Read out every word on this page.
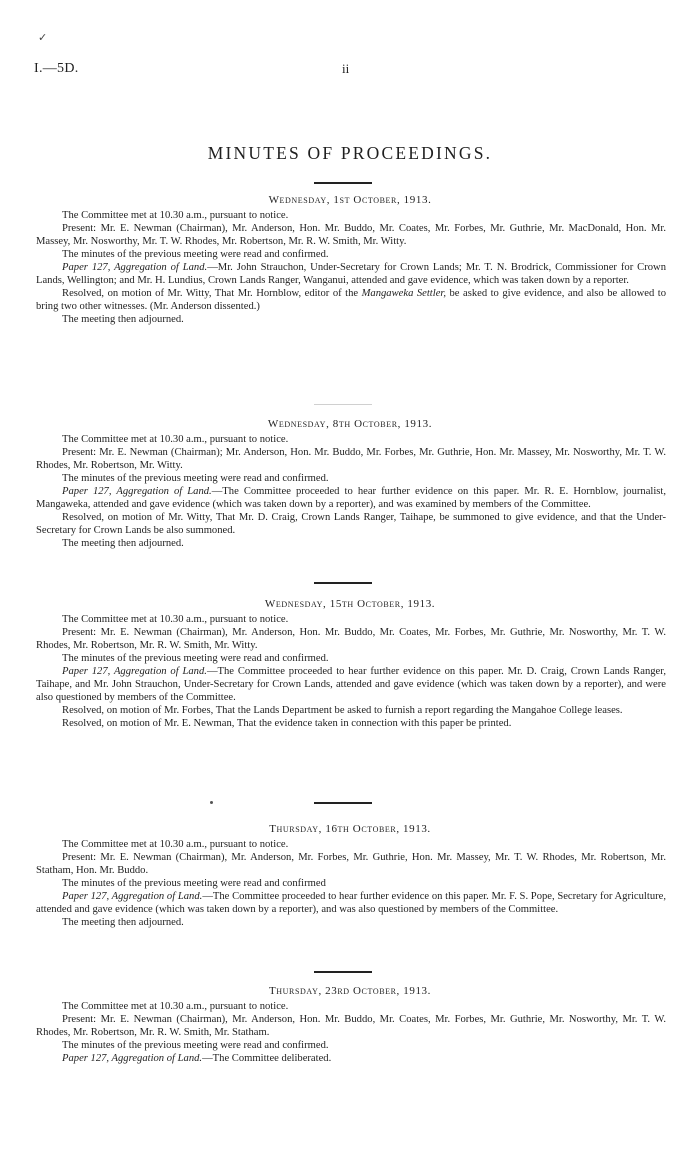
✓
I.—5D.	ii
MINUTES OF PROCEEDINGS.

Wednesday, 1st October, 1913.

The Committee met at 10.30 a.m., pursuant to notice.

Present: Mr. E. Newman (Chairman), Mr. Anderson, Hon. Mr. Buddo, Mr. Coates, Mr. Forbes, Mr. Guthrie, Mr. MacDonald, Hon. Mr. Massey, Mr. Nosworthy, Mr. T. W. Rhodes, Mr. Robertson, Mr. R. W. Smith, Mr. Witty.

The minutes of the previous meeting were read and confirmed.

Paper 127, Aggregation of Land.—Mr. John Strauchon, Under-Secretary for Crown Lands; Mr. T. N. Brodrick, Commissioner for Crown Lands, Wellington; and Mr. H. Lundius, Crown Lands Ranger, Wanganui, attended and gave evidence, which was taken down by a reporter.

Resolved, on motion of Mr. Witty, That Mr. Hornblow, editor of the Mangaweka Settler, be asked to give evidence, and also be allowed to bring two other witnesses. (Mr. Anderson dissented.)

The meeting then adjourned.

Wednesday, 8th October, 1913.

The Committee met at 10.30 a.m., pursuant to notice.

Present: Mr. E. Newman (Chairman); Mr. Anderson, Hon. Mr. Buddo, Mr. Forbes, Mr. Guthrie, Hon. Mr. Massey, Mr. Nosworthy, Mr. T. W. Rhodes, Mr. Robertson, Mr. Witty.

The minutes of the previous meeting were read and confirmed.

Paper 127, Aggregation of Land.—The Committee proceeded to hear further evidence on this paper. Mr. R. E. Hornblow, journalist, Mangaweka, attended and gave evidence (which was taken down by a reporter), and was examined by members of the Committee.

Resolved, on motion of Mr. Witty, That Mr. D. Craig, Crown Lands Ranger, Taihape, be summoned to give evidence, and that the Under-Secretary for Crown Lands be also summoned.

The meeting then adjourned.

Wednesday, 15th October, 1913.

The Committee met at 10.30 a.m., pursuant to notice.

Present: Mr. E. Newman (Chairman), Mr. Anderson, Hon. Mr. Buddo, Mr. Coates, Mr. Forbes, Mr. Guthrie, Mr. Nosworthy, Mr. T. W. Rhodes, Mr. Robertson, Mr. R. W. Smith, Mr. Witty.

The minutes of the previous meeting were read and confirmed.

Paper 127, Aggregation of Land.—The Committee proceeded to hear further evidence on this paper. Mr. D. Craig, Crown Lands Ranger, Taihape, and Mr. John Strauchon, Under-Secretary for Crown Lands, attended and gave evidence (which was taken down by a reporter), and were also questioned by members of the Committee.

Resolved, on motion of Mr. Forbes, That the Lands Department be asked to furnish a report regarding the Mangahoe College leases.

Resolved, on motion of Mr. E. Newman, That the evidence taken in connection with this paper be printed.

Thursday, 16th October, 1913.

The Committee met at 10.30 a.m., pursuant to notice.

Present: Mr. E. Newman (Chairman), Mr. Anderson, Mr. Forbes, Mr. Guthrie, Hon. Mr. Massey, Mr. T. W. Rhodes, Mr. Robertson, Mr. Statham, Hon. Mr. Buddo.

The minutes of the previous meeting were read and confirmed

Paper 127, Aggregation of Land.—The Committee proceeded to hear further evidence on this paper. Mr. F. S. Pope, Secretary for Agriculture, attended and gave evidence (which was taken down by a reporter), and was also questioned by members of the Committee.

The meeting then adjourned.

Thursday, 23rd October, 1913.

The Committee met at 10.30 a.m., pursuant to notice.

Present: Mr. E. Newman (Chairman), Mr. Anderson, Hon. Mr. Buddo, Mr. Coates, Mr. Forbes, Mr. Guthrie, Mr. Nosworthy, Mr. T. W. Rhodes, Mr. Robertson, Mr. R. W. Smith, Mr. Statham.

The minutes of the previous meeting were read and confirmed.

Paper 127, Aggregation of Land.—The Committee deliberated.
